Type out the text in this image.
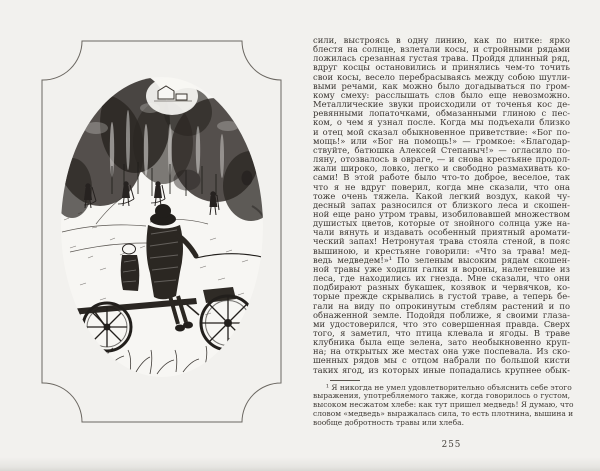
сили, выстроясь в одну линию, как по нитке: ярко
блестя на солнце, взлетали косы, и стройными рядами
ложилась срезанная густая трава. Пройдя длинный ряд,
вдруг косцы остановились и принялись чем-то точить
свои косы, весело перебрасываясь между собою шутли-
выми речами, как можно было догадываться по гром-
кому смеху: расслышать слов было еще невозможно.
Металлические звуки происходили от точенья кос де-
ревянными лопаточками, обмазанными глиною с пес-
ком, о чем я узнал после. Когда мы подъехали близко
и отец мой сказал обыкновенное приветствие: «Бог по-
мощь!» или «Бог на помощь!» — громкое: «Благодар-
ствуйте, батюшка Алексей Степаныч!» — огласило по-
ляну, отозвалось в овраге, — и снова крестьяне продол-
жали широко, ловко, легко и свободно размахивать ко-
сами! В этой работе было что-то доброе, веселое, так
что я не вдруг поверил, когда мне сказали, что она
тоже очень тяжела. Какой легкий воздух, какой чу-
десный запах разносился от близкого леса и скошен-
ной еще рано утром травы, изобиловавшей множеством
душистых цветов, которые от знойного солнца уже на-
чали вянуть и издавать особенный приятный аромати-
ческий запах! Нетронутая трава стояла стеной, в пояс
вышиною, и крестьяне говорили: «Что за трава! мед-
ведь медведем!»¹ По зеленым высоким рядам скошен-
ной травы уже ходили галки и вороны, налетевшие из
леса, где находились их гнезда. Мне сказали, что они
подбирают разных букашек, козявок и червячков, ко-
торые прежде скрывались в густой траве, а теперь бе-
гали на виду по опрокинутым стеблям растений и по
обнаженной земле. Подойдя поближе, я своими глаза-
ми удостоверился, что это совершенная правда. Сверх
того, я заметил, что птица клевала и ягоды. В траве
клубника была еще зелена, зато необыкновенно круп-
на; на открытых же местах она уже поспевала. Из ско-
шенных рядов мы с отцом набрали по большой кисти
таких ягод, из которых иные попадались крупнее обык-
¹ Я никогда не умел удовлетворительно объяснить себе этого
выражения, употребляемого также, когда говорилось о густом,
высоком несжатом хлебе: как тут пришел медведь! Я думаю, что
словом «медведь» выражалась сила, то есть плотнина, вышина и
вообще добротность травы или хлеба.
255
